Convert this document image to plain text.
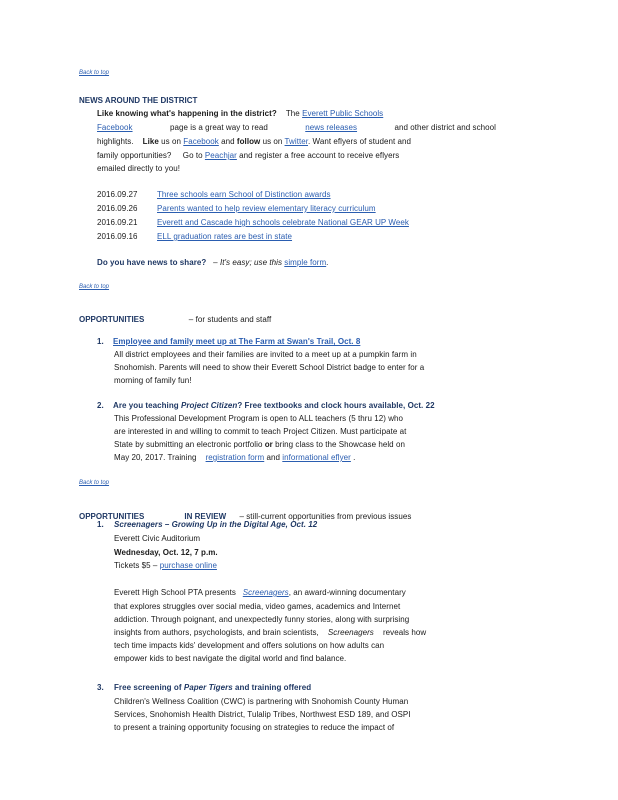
Back to top
NEWS AROUND THE DISTRICT
Like knowing what's happening in the district? The Everett Public Schools
Facebook	page is a great way to read	news releases	and other district and school
highlights. Like us on Facebook and follow us on Twitter. Want eflyers of student and
family opportunities? Go to Peachjar and register a free account to receive eflyers
emailed directly to you!
2016.09.27 Three schools earn School of Distinction awards
2016.09.26 Parents wanted to help review elementary literacy curriculum
2016.09.21 Everett and Cascade high schools celebrate National GEAR UP Week
2016.09.16 ELL graduation rates are best in state
Do you have news to share? – It's easy; use this simple form.
Back to top
OPPORTUNITIES	– for students and staff
1. Employee and family meet up at The Farm at Swan's Trail, Oct. 8
All district employees and their families are invited to a meet up at a pumpkin farm in
Snohomish. Parents will need to show their Everett School District badge to enter for a
morning of family fun!
2. Are you teaching Project Citizen? Free textbooks and clock hours available, Oct. 22
This Professional Development Program is open to ALL teachers (5 thru 12) who
are interested in and willing to commit to teach Project Citizen. Must participate at
State by submitting an electronic portfolio or bring class to the Showcase held on
May 20, 2017. Training registration form and informational eflyer .
Back to top
OPPORTUNITIES	IN REVIEW – still-current opportunities from previous issues
1. Screenagers – Growing Up in the Digital Age, Oct. 12
Everett Civic Auditorium
Wednesday, Oct. 12, 7 p.m.
Tickets $5 – purchase online
Everett High School PTA presents Screenagers, an award-winning documentary
that explores struggles over social media, video games, academics and Internet
addiction. Through poignant, and unexpectedly funny stories, along with surprising
insights from authors, psychologists, and brain scientists, Screenagers reveals how
tech time impacts kids' development and offers solutions on how adults can
empower kids to best navigate the digital world and find balance.
3. Free screening of Paper Tigers and training offered
Children's Wellness Coalition (CWC) is partnering with Snohomish County Human
Services, Snohomish Health District, Tulalip Tribes, Northwest ESD 189, and OSPI
to present a training opportunity focusing on strategies to reduce the impact of
